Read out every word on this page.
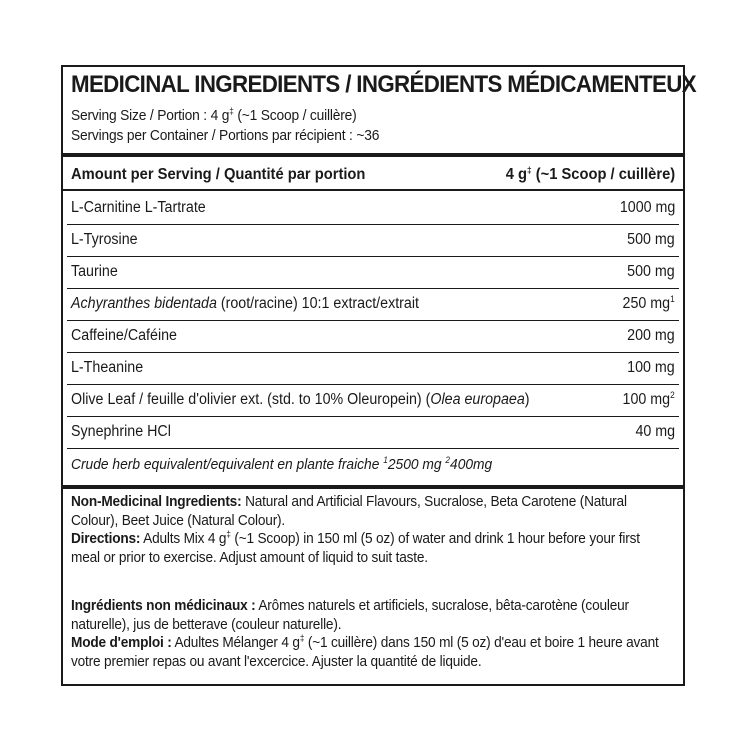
MEDICINAL INGREDIENTS / INGRÉDIENTS MÉDICAMENTEUX
Serving Size / Portion : 4 g‡ (~1 Scoop / cuillère)
Servings per Container / Portions par récipient : ~36
Amount per Serving / Quantité par portion	4 g‡ (~1 Scoop / cuillère)
L-Carnitine L-Tartrate	1000 mg
L-Tyrosine	500 mg
Taurine	500 mg
Achyranthes bidentada (root/racine) 10:1 extract/extrait	250 $mg^1$
Caffeine/Caféine	200 mg
L-Theanine	100 mg
Olive Leaf / feuille d'olivier ext. (std. to 10% Oleuropein) (Olea europaea)	100 $mg^2$
Synephrine HCl	40 mg
Crude herb equivalent/equivalent en plante fraiche $^1$2500 mg $^2$400mg
Non-Medicinal Ingredients: Natural and Artificial Flavours, Sucralose, Beta Carotene (Natural Colour), Beet Juice (Natural Colour).
Directions: Adults Mix 4 g‡ (~1 Scoop) in 150 ml (5 oz) of water and drink 1 hour before your first meal or prior to exercise. Adjust amount of liquid to suit taste.
Ingrédients non médicinaux : Arômes naturels et artificiels, sucralose, bêta-carotène (couleur naturelle), jus de betterave (couleur naturelle).
Mode d'emploi : Adultes Mélanger 4 g‡ (~1 cuillère) dans 150 ml (5 oz) d'eau et boire 1 heure avant votre premier repas ou avant l'excercice. Ajuster la quantité de liquide.
